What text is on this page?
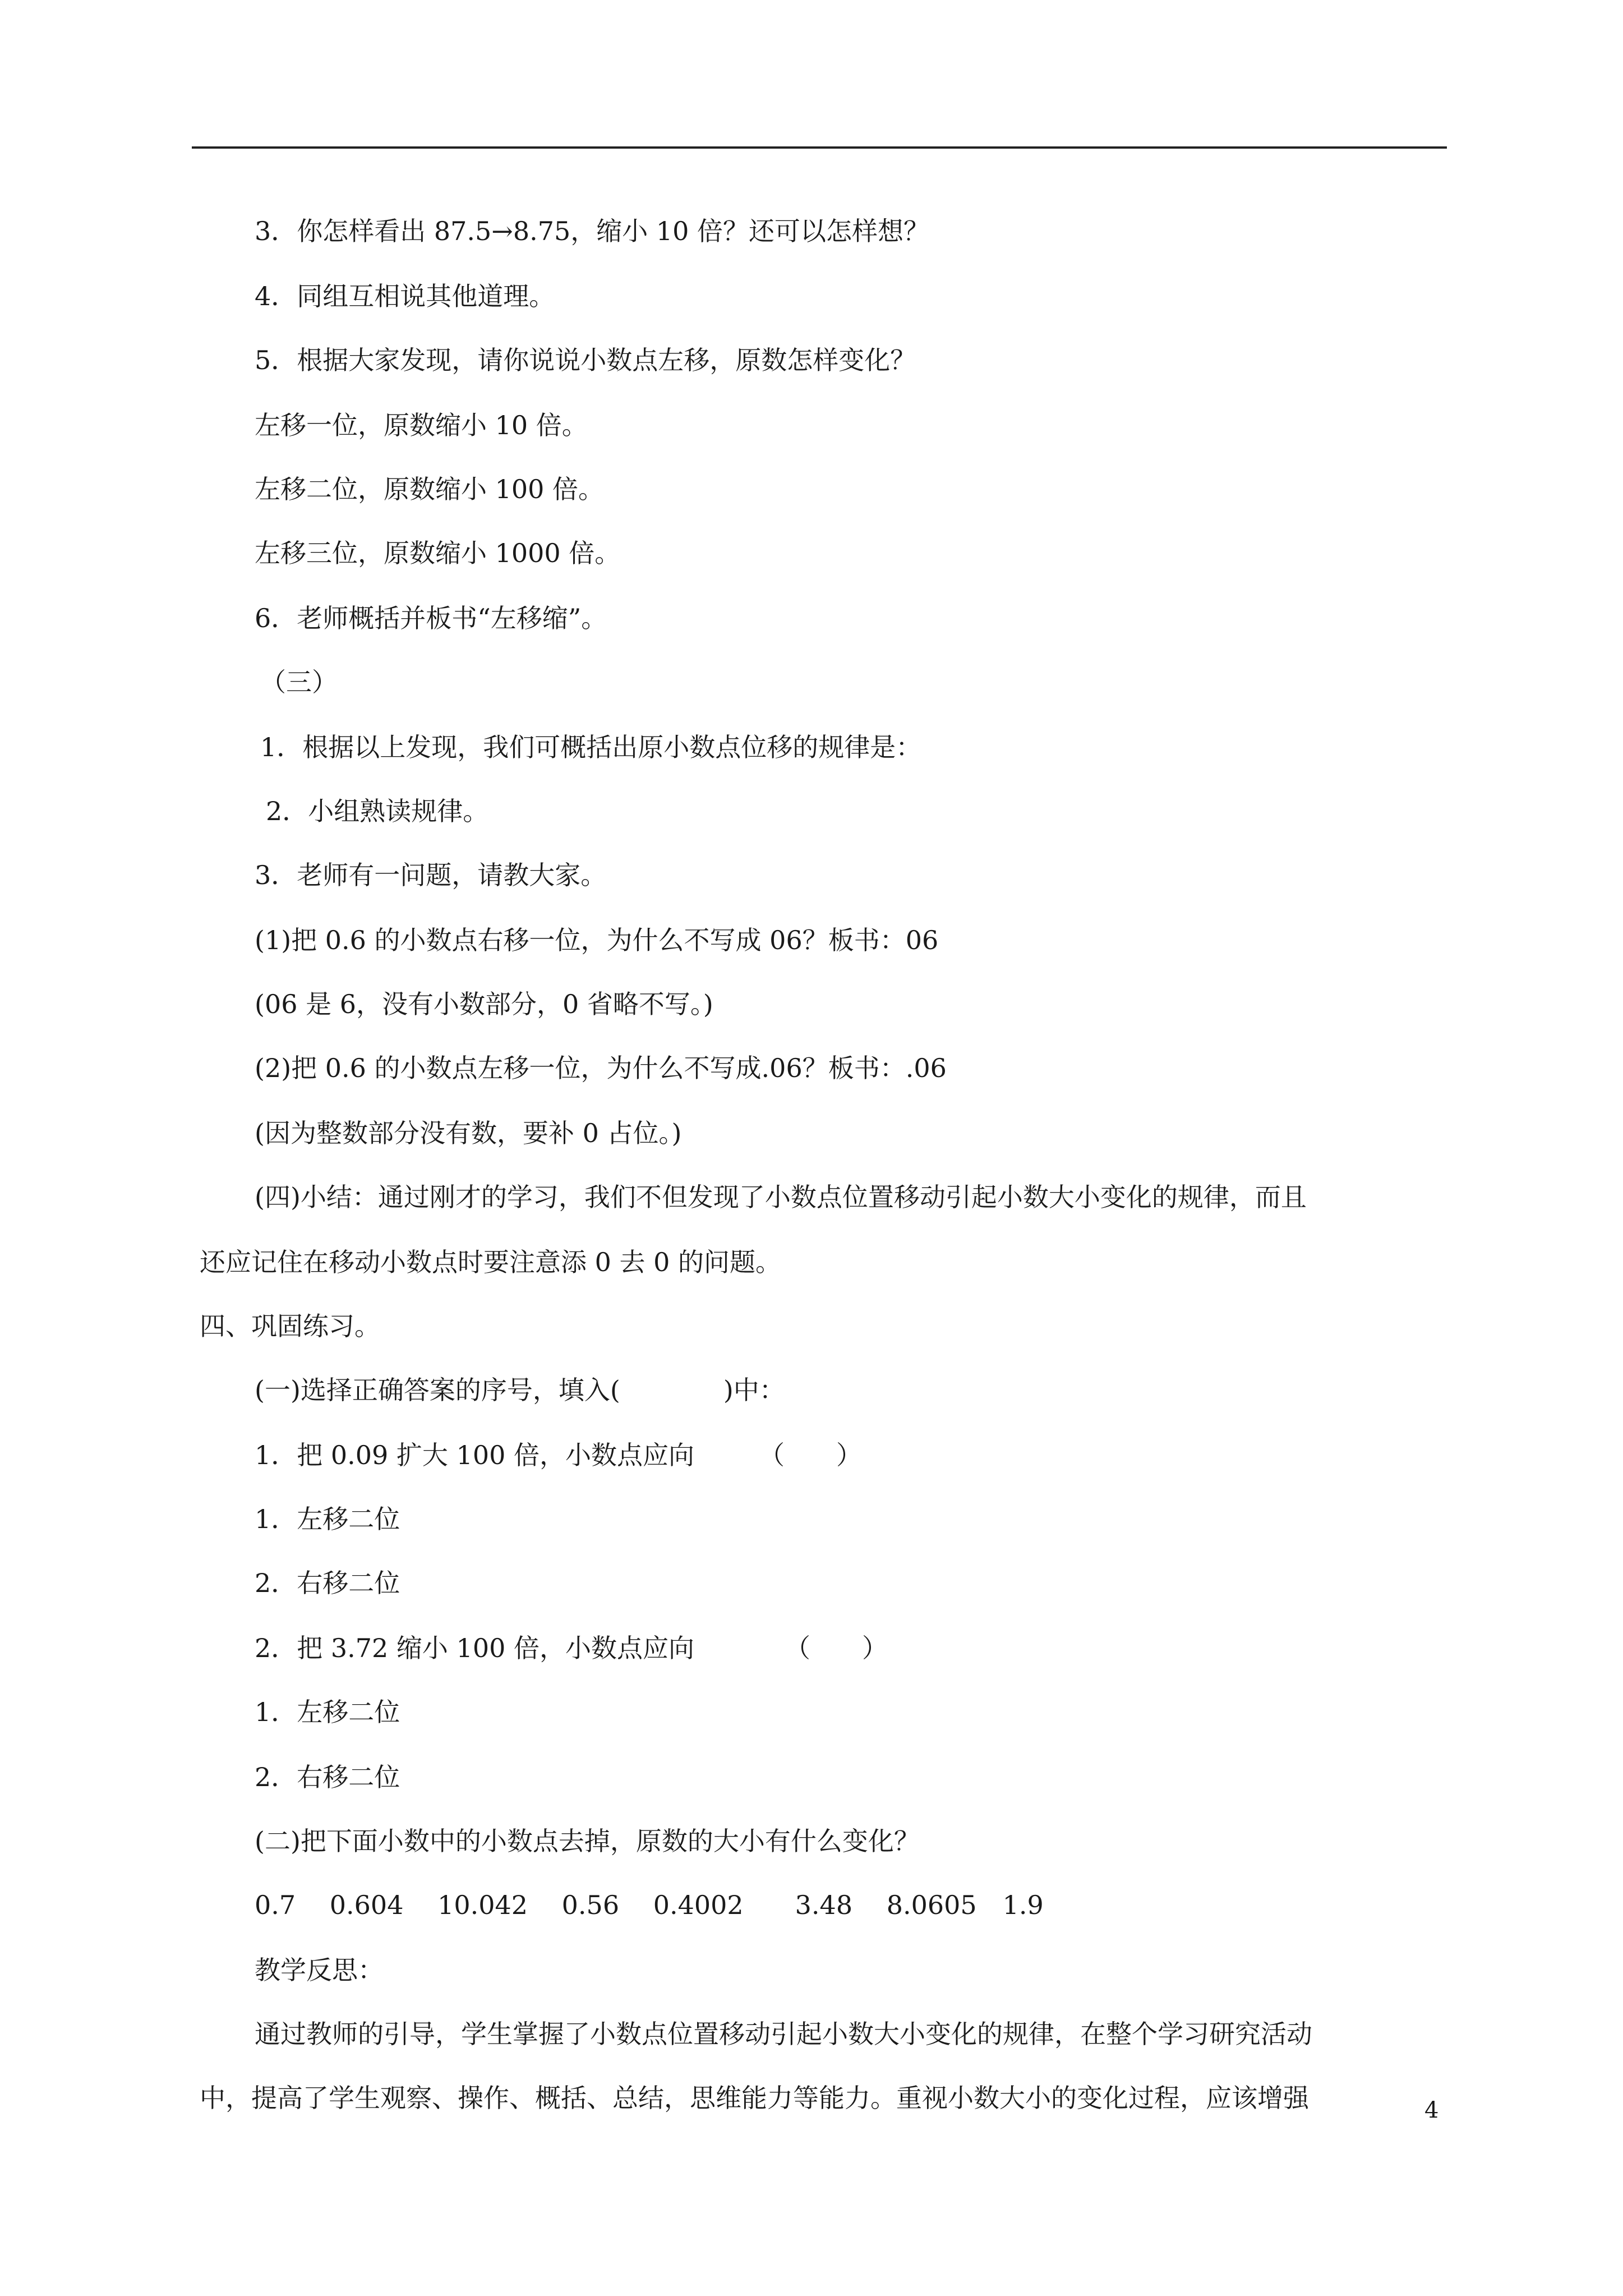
3．你怎样看出 87.5→8.75，缩小 10 倍？还可以怎样想？
4．同组互相说其他道理。
5．根据大家发现，请你说说小数点左移，原数怎样变化？
左移一位，原数缩小 10 倍。
左移二位，原数缩小 100 倍。
左移三位，原数缩小 1000 倍。
6．老师概括并板书“左移缩”。
（三）
1．根据以上发现，我们可概括出原小数点位移的规律是：
2．小组熟读规律。
3．老师有一问题，请教大家。
(1)把 0.6 的小数点右移一位，为什么不写成 06？板书：06
(06 是 6，没有小数部分，0 省略不写。)
(2)把 0.6 的小数点左移一位，为什么不写成.06？板书：.06
(因为整数部分没有数，要补 0 占位。)
(四)小结：通过刚才的学习，我们不但发现了小数点位置移动引起小数大小变化的规律，而且
还应记住在移动小数点时要注意添 0 去 0 的问题。
四、巩固练习。
(一)选择正确答案的序号，填入(　　　　)中：
1．把 0.09 扩大 100 倍，小数点应向　　　（　　）
1．左移二位
2．右移二位
2．把 3.72 缩小 100 倍，小数点应向　　　　（　　）
1．左移二位
2．右移二位
(二)把下面小数中的小数点去掉，原数的大小有什么变化？
0.7　 0.604　 10.042　 0.56　 0.4002　　3.48　 8.0605　1.9
教学反思：
通过教师的引导，学生掌握了小数点位置移动引起小数大小变化的规律，在整个学习研究活动
中，提高了学生观察、操作、概括、总结，思维能力等能力。重视小数大小的变化过程，应该增强	4
